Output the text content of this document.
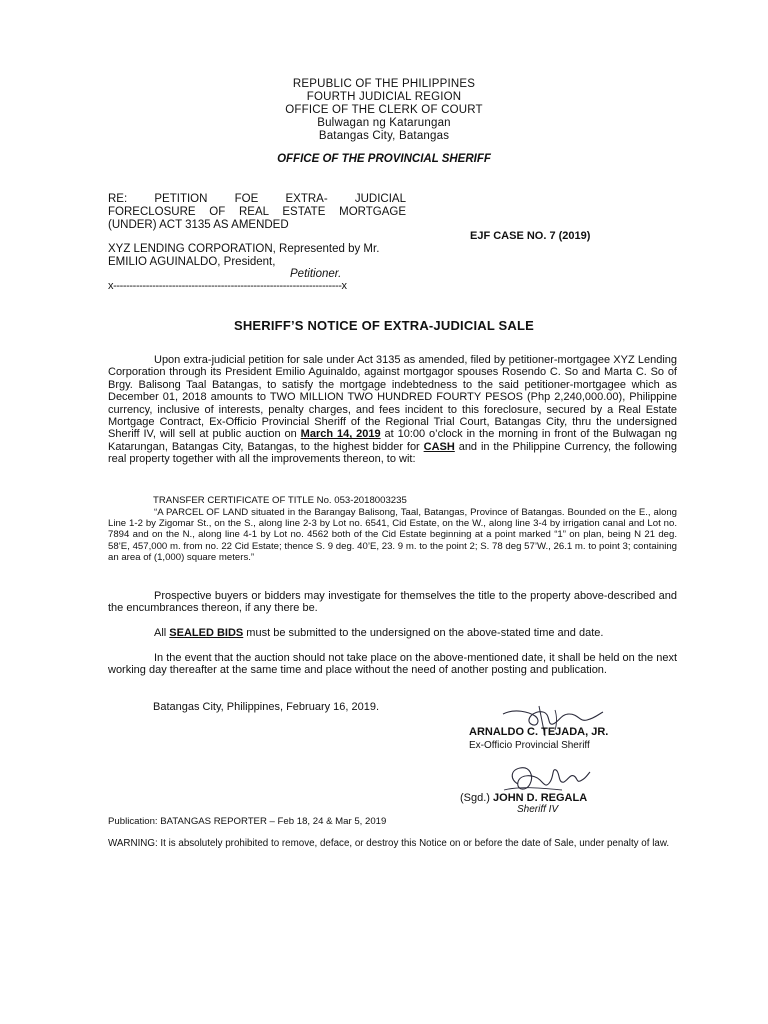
REPUBLIC OF THE PHILIPPINES
FOURTH JUDICIAL REGION
OFFICE OF THE CLERK OF COURT
Bulwagan ng Katarungan
Batangas City, Batangas
OFFICE OF THE PROVINCIAL SHERIFF
RE: PETITION FOE EXTRA- JUDICIAL
FORECLOSURE OF REAL ESTATE MORTGAGE
(UNDER) ACT 3135 AS AMENDED
EJF CASE NO. 7 (2019)
XYZ LENDING CORPORATION, Represented by Mr.
EMILIO AGUINALDO, President,
Petitioner.
x----------------------------------------------------------------------x
SHERIFF’S NOTICE OF EXTRA-JUDICIAL SALE
Upon extra-judicial petition for sale under Act 3135 as amended, filed by petitioner-mortgagee XYZ Lending Corporation through its President Emilio Aguinaldo, against mortgagor spouses Rosendo C. So and Marta C. So of Brgy. Balisong Taal Batangas, to satisfy the mortgage indebtedness to the said petitioner-mortgagee which as December 01, 2018 amounts to TWO MILLION TWO HUNDRED FOURTY PESOS (Php 2,240,000.00), Philippine currency, inclusive of interests, penalty charges, and fees incident to this foreclosure, secured by a Real Estate Mortgage Contract, Ex-Officio Provincial Sheriff of the Regional Trial Court, Batangas City, thru the undersigned Sheriff IV, will sell at public auction on March 14, 2019 at 10:00 o’clock in the morning in front of the Bulwagan ng Katarungan, Batangas City, Batangas, to the highest bidder for CASH and in the Philippine Currency, the following real property together with all the improvements thereon, to wit:
TRANSFER CERTIFICATE OF TITLE No. 053-2018003235
“A PARCEL OF LAND situated in the Barangay Balisong, Taal, Batangas, Province of Batangas. Bounded on the E., along Line 1-2 by Zigomar St., on the S., along line 2-3 by Lot no. 6541, Cid Estate, on the W., along line 3-4 by irrigation canal and Lot no. 7894 and on the N., along line 4-1 by Lot no. 4562 both of the Cid Estate beginning at a point marked “1” on plan, being N 21 deg. 58’E, 457,000 m. from no. 22 Cid Estate; thence S. 9 deg. 40’E, 23. 9 m. to the point 2; S. 78 deg 57’W., 26.1 m. to point 3; containing an area of (1,000) square meters.”
Prospective buyers or bidders may investigate for themselves the title to the property above-described and the encumbrances thereon, if any there be.
All SEALED BIDS must be submitted to the undersigned on the above-stated time and date.
In the event that the auction should not take place on the above-mentioned date, it shall be held on the next working day thereafter at the same time and place without the need of another posting and publication.
Batangas City, Philippines, February 16, 2019.
ARNALDO C. TEJADA, JR.
Ex-Officio Provincial Sheriff
(Sgd.) JOHN D. REGALA
Sheriff IV
Publication: BATANGAS REPORTER – Feb 18, 24 & Mar 5, 2019
WARNING: It is absolutely prohibited to remove, deface, or destroy this Notice on or before the date of Sale, under penalty of law.
